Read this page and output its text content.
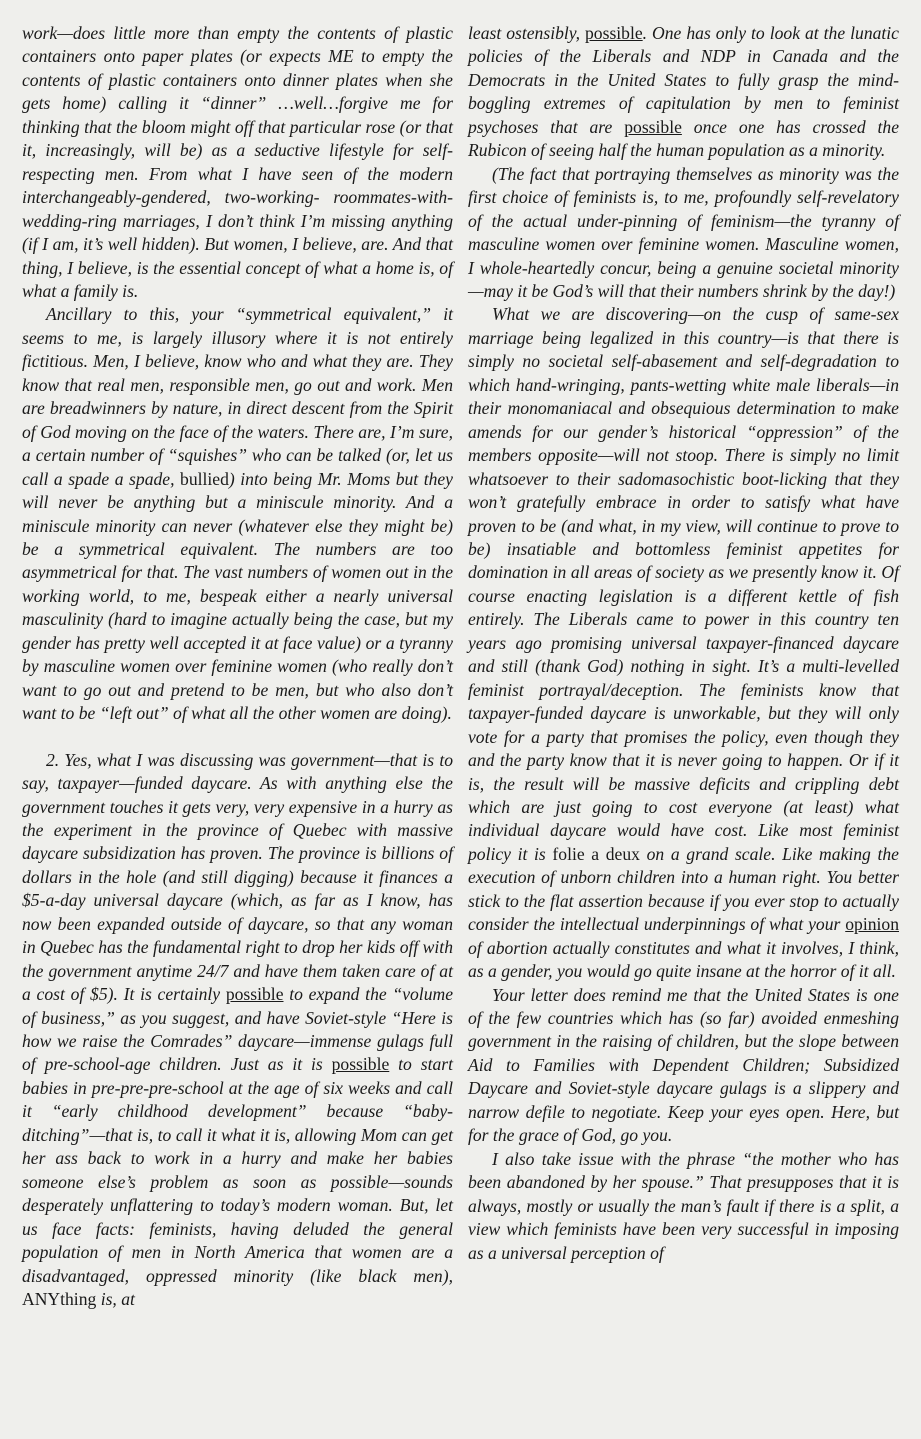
work—does little more than empty the contents of plastic containers onto paper plates (or expects ME to empty the contents of plastic containers onto dinner plates when she gets home) calling it “dinner” …well…forgive me for thinking that the bloom might off that particular rose (or that it, increasingly, will be) as a seductive lifestyle for self-respecting men. From what I have seen of the modern interchangeably-gendered, two-working- roommates-with-wedding-ring marriages, I don’t think I’m missing anything (if I am, it’s well hidden). But women, I believe, are. And that thing, I believe, is the essential concept of what a home is, of what a family is.

Ancillary to this, your “symmetrical equivalent,” it seems to me, is largely illusory where it is not entirely fictitious. Men, I believe, know who and what they are. They know that real men, responsible men, go out and work. Men are breadwinners by nature, in direct descent from the Spirit of God moving on the face of the waters. There are, I’m sure, a certain number of “squishes” who can be talked (or, let us call a spade a spade, bullied) into being Mr. Moms but they will never be anything but a miniscule minority. And a miniscule minority can never (whatever else they might be) be a symmetrical equivalent. The numbers are too asymmetrical for that. The vast numbers of women out in the working world, to me, bespeak either a nearly universal masculinity (hard to imagine actually being the case, but my gender has pretty well accepted it at face value) or a tyranny by masculine women over feminine women (who really don’t want to go out and pretend to be men, but who also don’t want to be “left out” of what all the other women are doing).

2. Yes, what I was discussing was government—that is to say, taxpayer—funded daycare. As with anything else the government touches it gets very, very expensive in a hurry as the experiment in the province of Quebec with massive daycare subsidization has proven. The province is billions of dollars in the hole (and still digging) because it finances a $5-a-day universal daycare (which, as far as I know, has now been expanded outside of daycare, so that any woman in Quebec has the fundamental right to drop her kids off with the government anytime 24/7 and have them taken care of at a cost of $5). It is certainly possible to expand the “volume of business,” as you suggest, and have Soviet-style “Here is how we raise the Comrades” daycare—immense gulags full of pre-school-age children. Just as it is possible to start babies in pre-pre-pre-school at the age of six weeks and call it “early childhood development” because “baby-ditching”—that is, to call it what it is, allowing Mom can get her ass back to work in a hurry and make her babies someone else’s problem as soon as possible—sounds desperately unflattering to today’s modern woman. But, let us face facts: feminists, having deluded the general population of men in North America that women are a disadvantaged, oppressed minority (like black men), ANYthing is, at

least ostensibly, possible. One has only to look at the lunatic policies of the Liberals and NDP in Canada and the Democrats in the United States to fully grasp the mind-boggling extremes of capitulation by men to feminist psychoses that are possible once one has crossed the Rubicon of seeing half the human population as a minority.

(The fact that portraying themselves as minority was the first choice of feminists is, to me, profoundly self-revelatory of the actual under-pinning of feminism—the tyranny of masculine women over feminine women. Masculine women, I whole-heartedly concur, being a genuine societal minority—may it be God’s will that their numbers shrink by the day!)

What we are discovering—on the cusp of same-sex marriage being legalized in this country—is that there is simply no societal self-abasement and self-degradation to which hand-wringing, pants-wetting white male liberals—in their monomaniacal and obsequious determination to make amends for our gender’s historical “oppression” of the members opposite—will not stoop. There is simply no limit whatsoever to their sadomasochistic boot-licking that they won’t gratefully embrace in order to satisfy what have proven to be (and what, in my view, will continue to prove to be) insatiable and bottomless feminist appetites for domination in all areas of society as we presently know it. Of course enacting legislation is a different kettle of fish entirely. The Liberals came to power in this country ten years ago promising universal taxpayer-financed daycare and still (thank God) nothing in sight. It’s a multi-levelled feminist portrayal/deception. The feminists know that taxpayer-funded daycare is unworkable, but they will only vote for a party that promises the policy, even though they and the party know that it is never going to happen. Or if it is, the result will be massive deficits and crippling debt which are just going to cost everyone (at least) what individual daycare would have cost. Like most feminist policy it is folie a deux on a grand scale. Like making the execution of unborn children into a human right. You better stick to the flat assertion because if you ever stop to actually consider the intellectual underpinnings of what your opinion of abortion actually constitutes and what it involves, I think, as a gender, you would go quite insane at the horror of it all.

Your letter does remind me that the United States is one of the few countries which has (so far) avoided enmeshing government in the raising of children, but the slope between Aid to Families with Dependent Children; Subsidized Daycare and Soviet-style daycare gulags is a slippery and narrow defile to negotiate. Keep your eyes open. Here, but for the grace of God, go you.

I also take issue with the phrase “the mother who has been abandoned by her spouse.” That presupposes that it is always, mostly or usually the man’s fault if there is a split, a view which feminists have been very successful in imposing as a universal perception of
